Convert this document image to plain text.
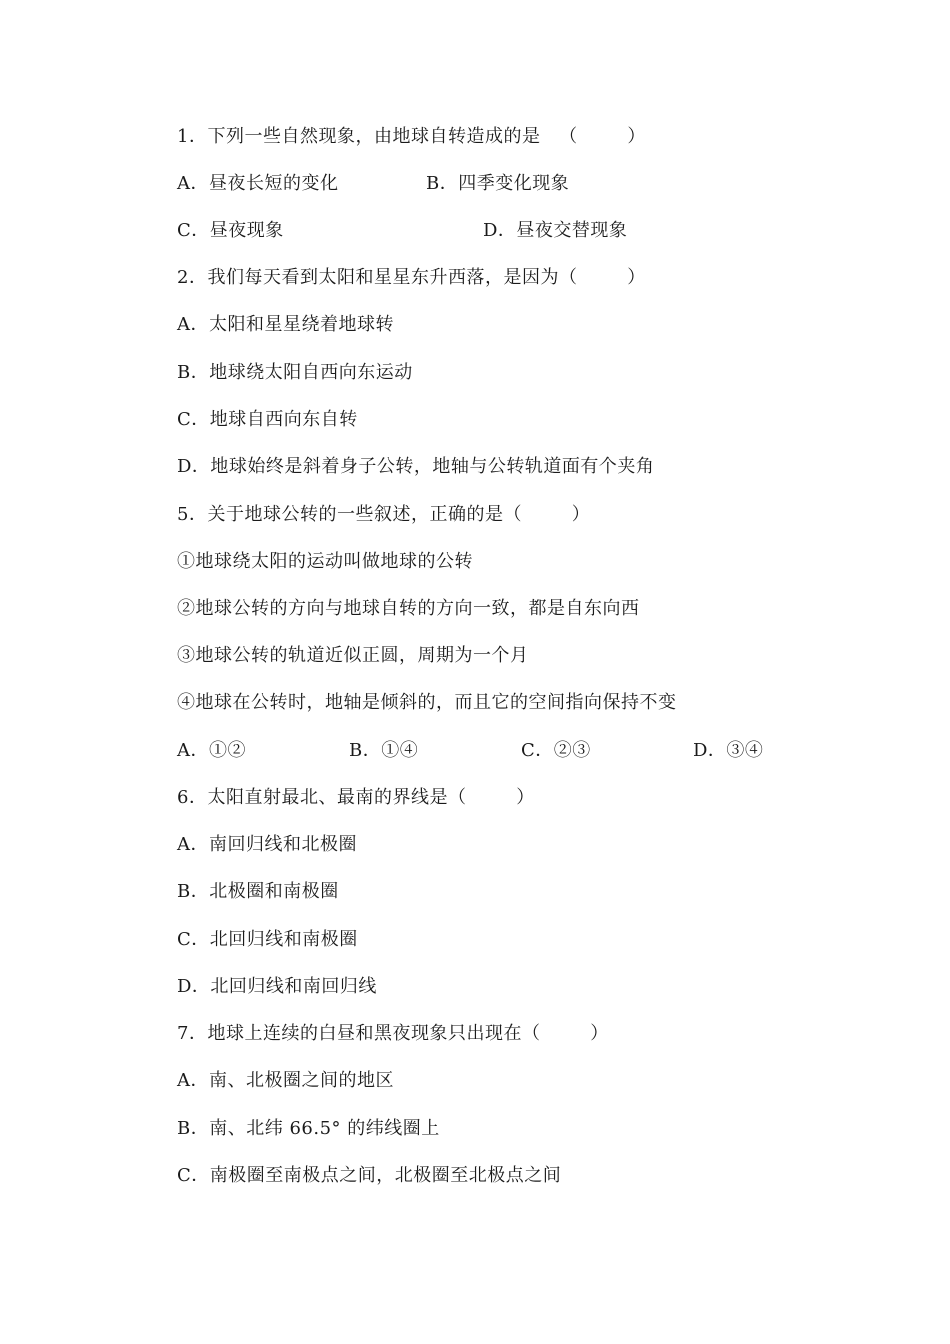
1．下列一些自然现象，由地球自转造成的是   （        ）
A．昼夜长短的变化	B．四季变化现象
C．昼夜现象	D．昼夜交替现象
2．我们每天看到太阳和星星东升西落，是因为（        ）
A．太阳和星星绕着地球转
B．地球绕太阳自西向东运动
C．地球自西向东自转
D．地球始终是斜着身子公转，地轴与公转轨道面有个夹角
5．关于地球公转的一些叙述，正确的是（        ）
①地球绕太阳的运动叫做地球的公转
②地球公转的方向与地球自转的方向一致，都是自东向西
③地球公转的轨道近似正圆，周期为一个月
④地球在公转时，地轴是倾斜的，而且它的空间指向保持不变
A．①②	B．①④	C．②③	D．③④
6．太阳直射最北、最南的界线是（        ）
A．南回归线和北极圈
B．北极圈和南极圈
C．北回归线和南极圈
D．北回归线和南回归线
7．地球上连续的白昼和黑夜现象只出现在（        ）
A．南、北极圈之间的地区
B．南、北纬 66.5° 的纬线圈上
C．南极圈至南极点之间，北极圈至北极点之间
